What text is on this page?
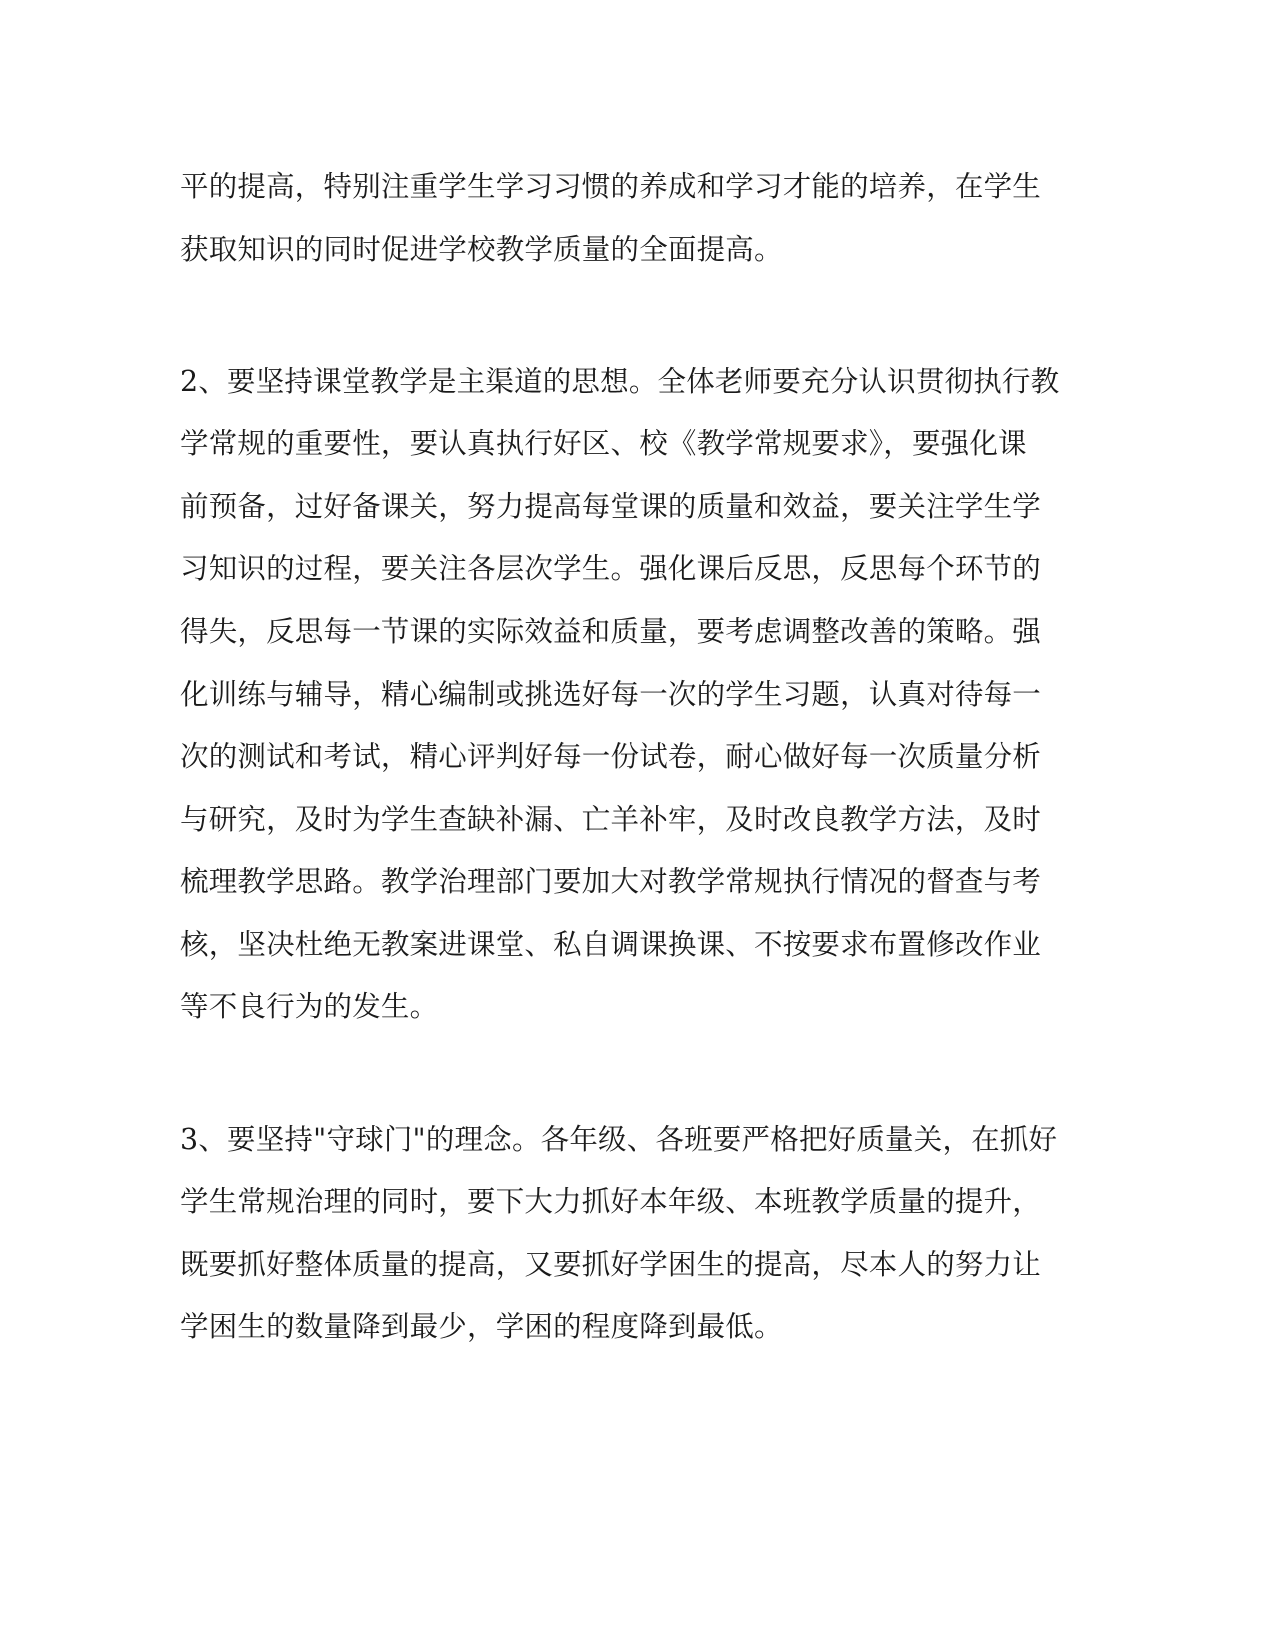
平的提高，特别注重学生学习习惯的养成和学习才能的培养，在学生
获取知识的同时促进学校教学质量的全面提高。
2、要坚持课堂教学是主渠道的思想。全体老师要充分认识贯彻执行教
学常规的重要性，要认真执行好区、校《教学常规要求》，要强化课
前预备，过好备课关，努力提高每堂课的质量和效益，要关注学生学
习知识的过程，要关注各层次学生。强化课后反思，反思每个环节的
得失，反思每一节课的实际效益和质量，要考虑调整改善的策略。强
化训练与辅导，精心编制或挑选好每一次的学生习题，认真对待每一
次的测试和考试，精心评判好每一份试卷，耐心做好每一次质量分析
与研究，及时为学生查缺补漏、亡羊补牢，及时改良教学方法，及时
梳理教学思路。教学治理部门要加大对教学常规执行情况的督查与考
核，坚决杜绝无教案进课堂、私自调课换课、不按要求布置修改作业
等不良行为的发生。
3、要坚持"守球门"的理念。各年级、各班要严格把好质量关，在抓好
学生常规治理的同时，要下大力抓好本年级、本班教学质量的提升，
既要抓好整体质量的提高，又要抓好学困生的提高，尽本人的努力让
学困生的数量降到最少，学困的程度降到最低。
